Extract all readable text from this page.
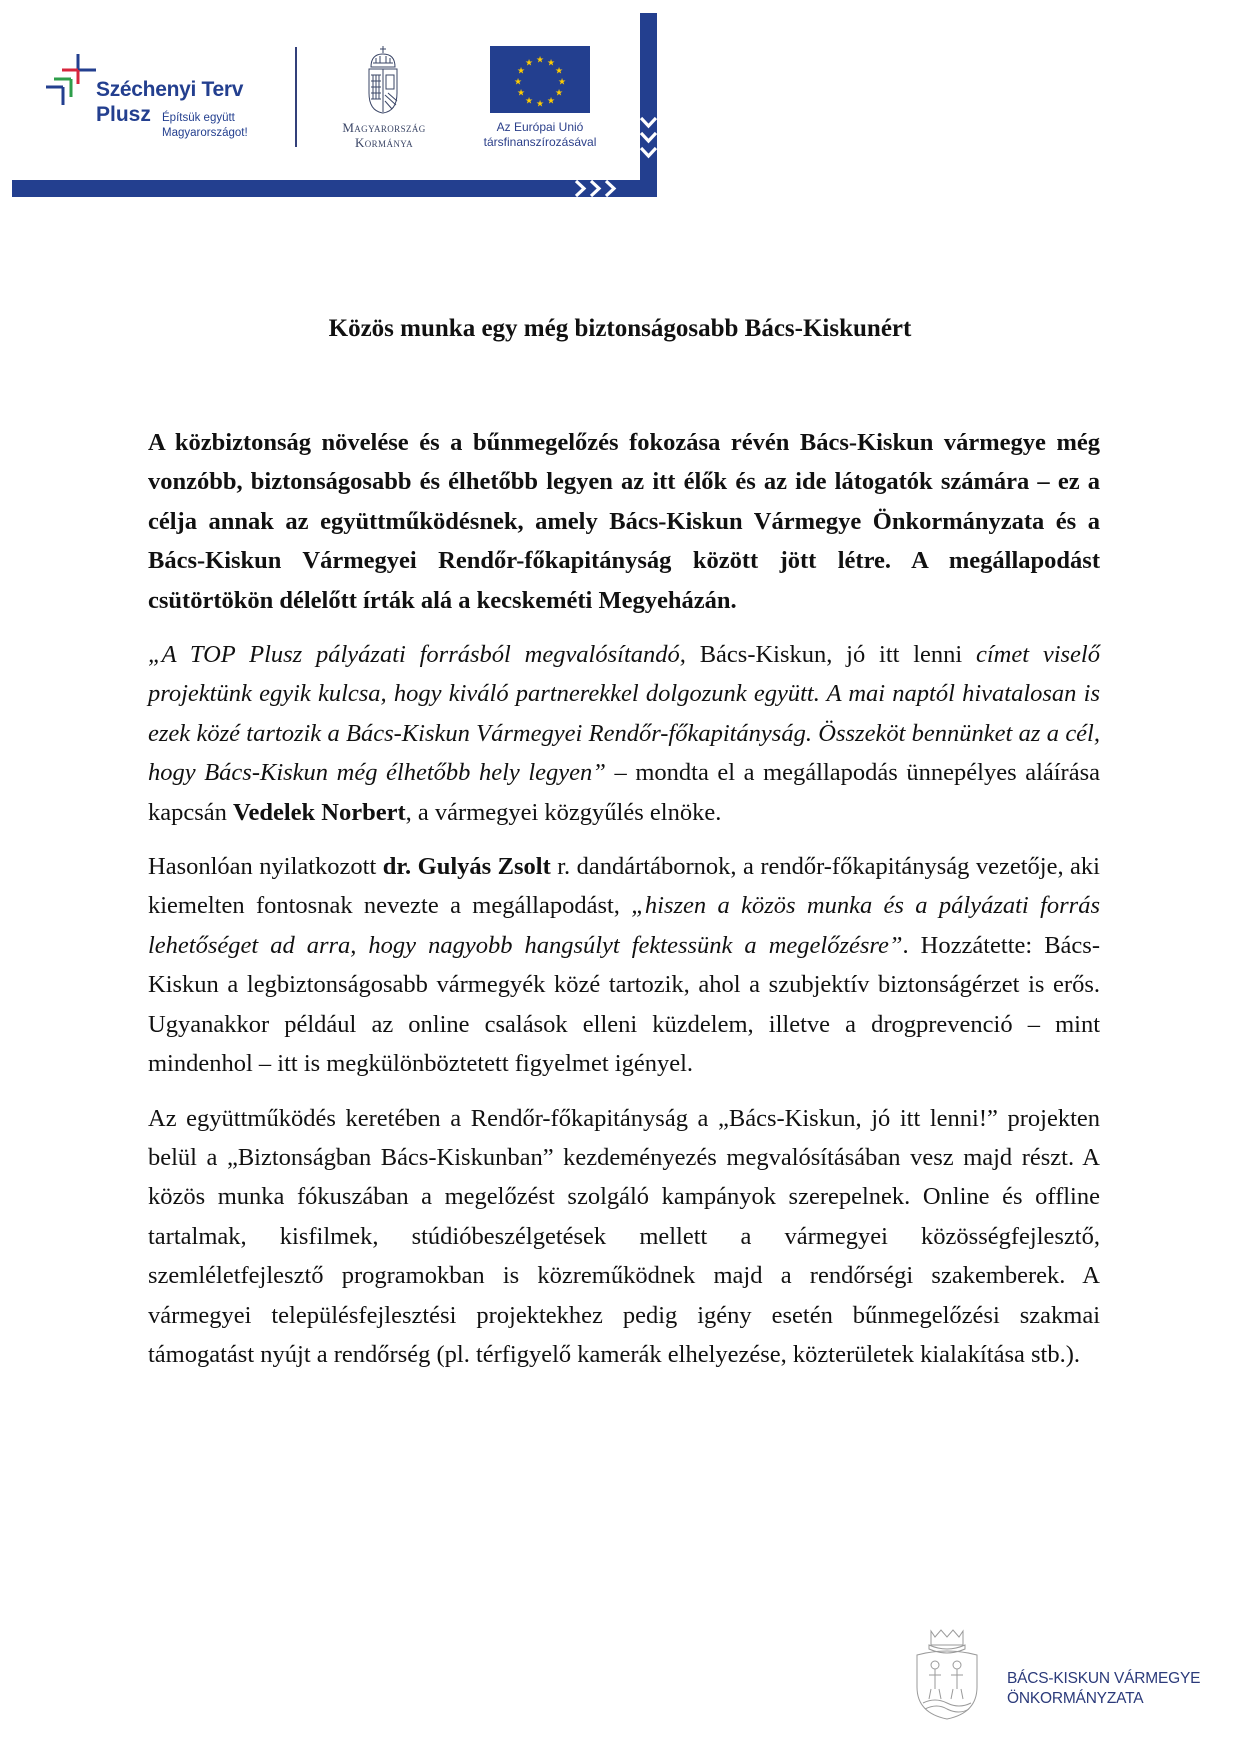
Széchenyi Terv
Plusz Építsük együtt
Magyarországot!	Magyarország
Kormánya
★ ★
★
★
★
★
★
★
★
★
★
★
Az Európai Unió
társfinanszírozásával
Közös munka egy még biztonságosabb Bács-Kiskunért

A közbiztonság növelése és a bűnmegelőzés fokozása révén Bács-Kiskun vármegye még vonzóbb, biztonságosabb és élhetőbb legyen az itt élők és az ide látogatók számára – ez a célja annak az együttműködésnek, amely Bács-Kiskun Vármegye Önkormányzata és a Bács-Kiskun Vármegyei Rendőr-főkapitányság között jött létre. A megállapodást csütörtökön délelőtt írták alá a kecskeméti Megyeházán.

„A TOP Plusz pályázati forrásból megvalósítandó, Bács-Kiskun, jó itt lenni címet viselő projektünk egyik kulcsa, hogy kiváló partnerekkel dolgozunk együtt. A mai naptól hivatalosan is ezek közé tartozik a Bács-Kiskun Vármegyei Rendőr-főkapitányság. Összeköt bennünket az a cél, hogy Bács-Kiskun még élhetőbb hely legyen” – mondta el a megállapodás ünnepélyes aláírása kapcsán Vedelek Norbert, a vármegyei közgyűlés elnöke.

Hasonlóan nyilatkozott dr. Gulyás Zsolt r. dandártábornok, a rendőr-főkapitányság vezetője, aki kiemelten fontosnak nevezte a megállapodást, „hiszen a közös munka és a pályázati forrás lehetőséget ad arra, hogy nagyobb hangsúlyt fektessünk a megelőzésre”. Hozzátette: Bács-Kiskun a legbiztonságosabb vármegyék közé tartozik, ahol a szubjektív biztonságérzet is erős. Ugyanakkor például az online csalások elleni küzdelem, illetve a drogprevenció – mint mindenhol – itt is megkülönböztetett figyelmet igényel.

Az együttműködés keretében a Rendőr-főkapitányság a „Bács-Kiskun, jó itt lenni!” projekten belül a „Biztonságban Bács-Kiskunban” kezdeményezés megvalósításában vesz majd részt. A közös munka fókuszában a megelőzést szolgáló kampányok szerepelnek. Online és offline tartalmak, kisfilmek, stúdióbeszélgetések mellett a vármegyei közösségfejlesztő, szemléletfejlesztő programokban is közreműködnek majd a rendőrségi szakemberek. A vármegyei településfejlesztési projektekhez pedig igény esetén bűnmegelőzési szakmai támogatást nyújt a rendőrség (pl. térfigyelő kamerák elhelyezése, közterületek kialakítása stb.).

BÁCS-KISKUN VÁRMEGYE
ÖNKORMÁNYZATA
